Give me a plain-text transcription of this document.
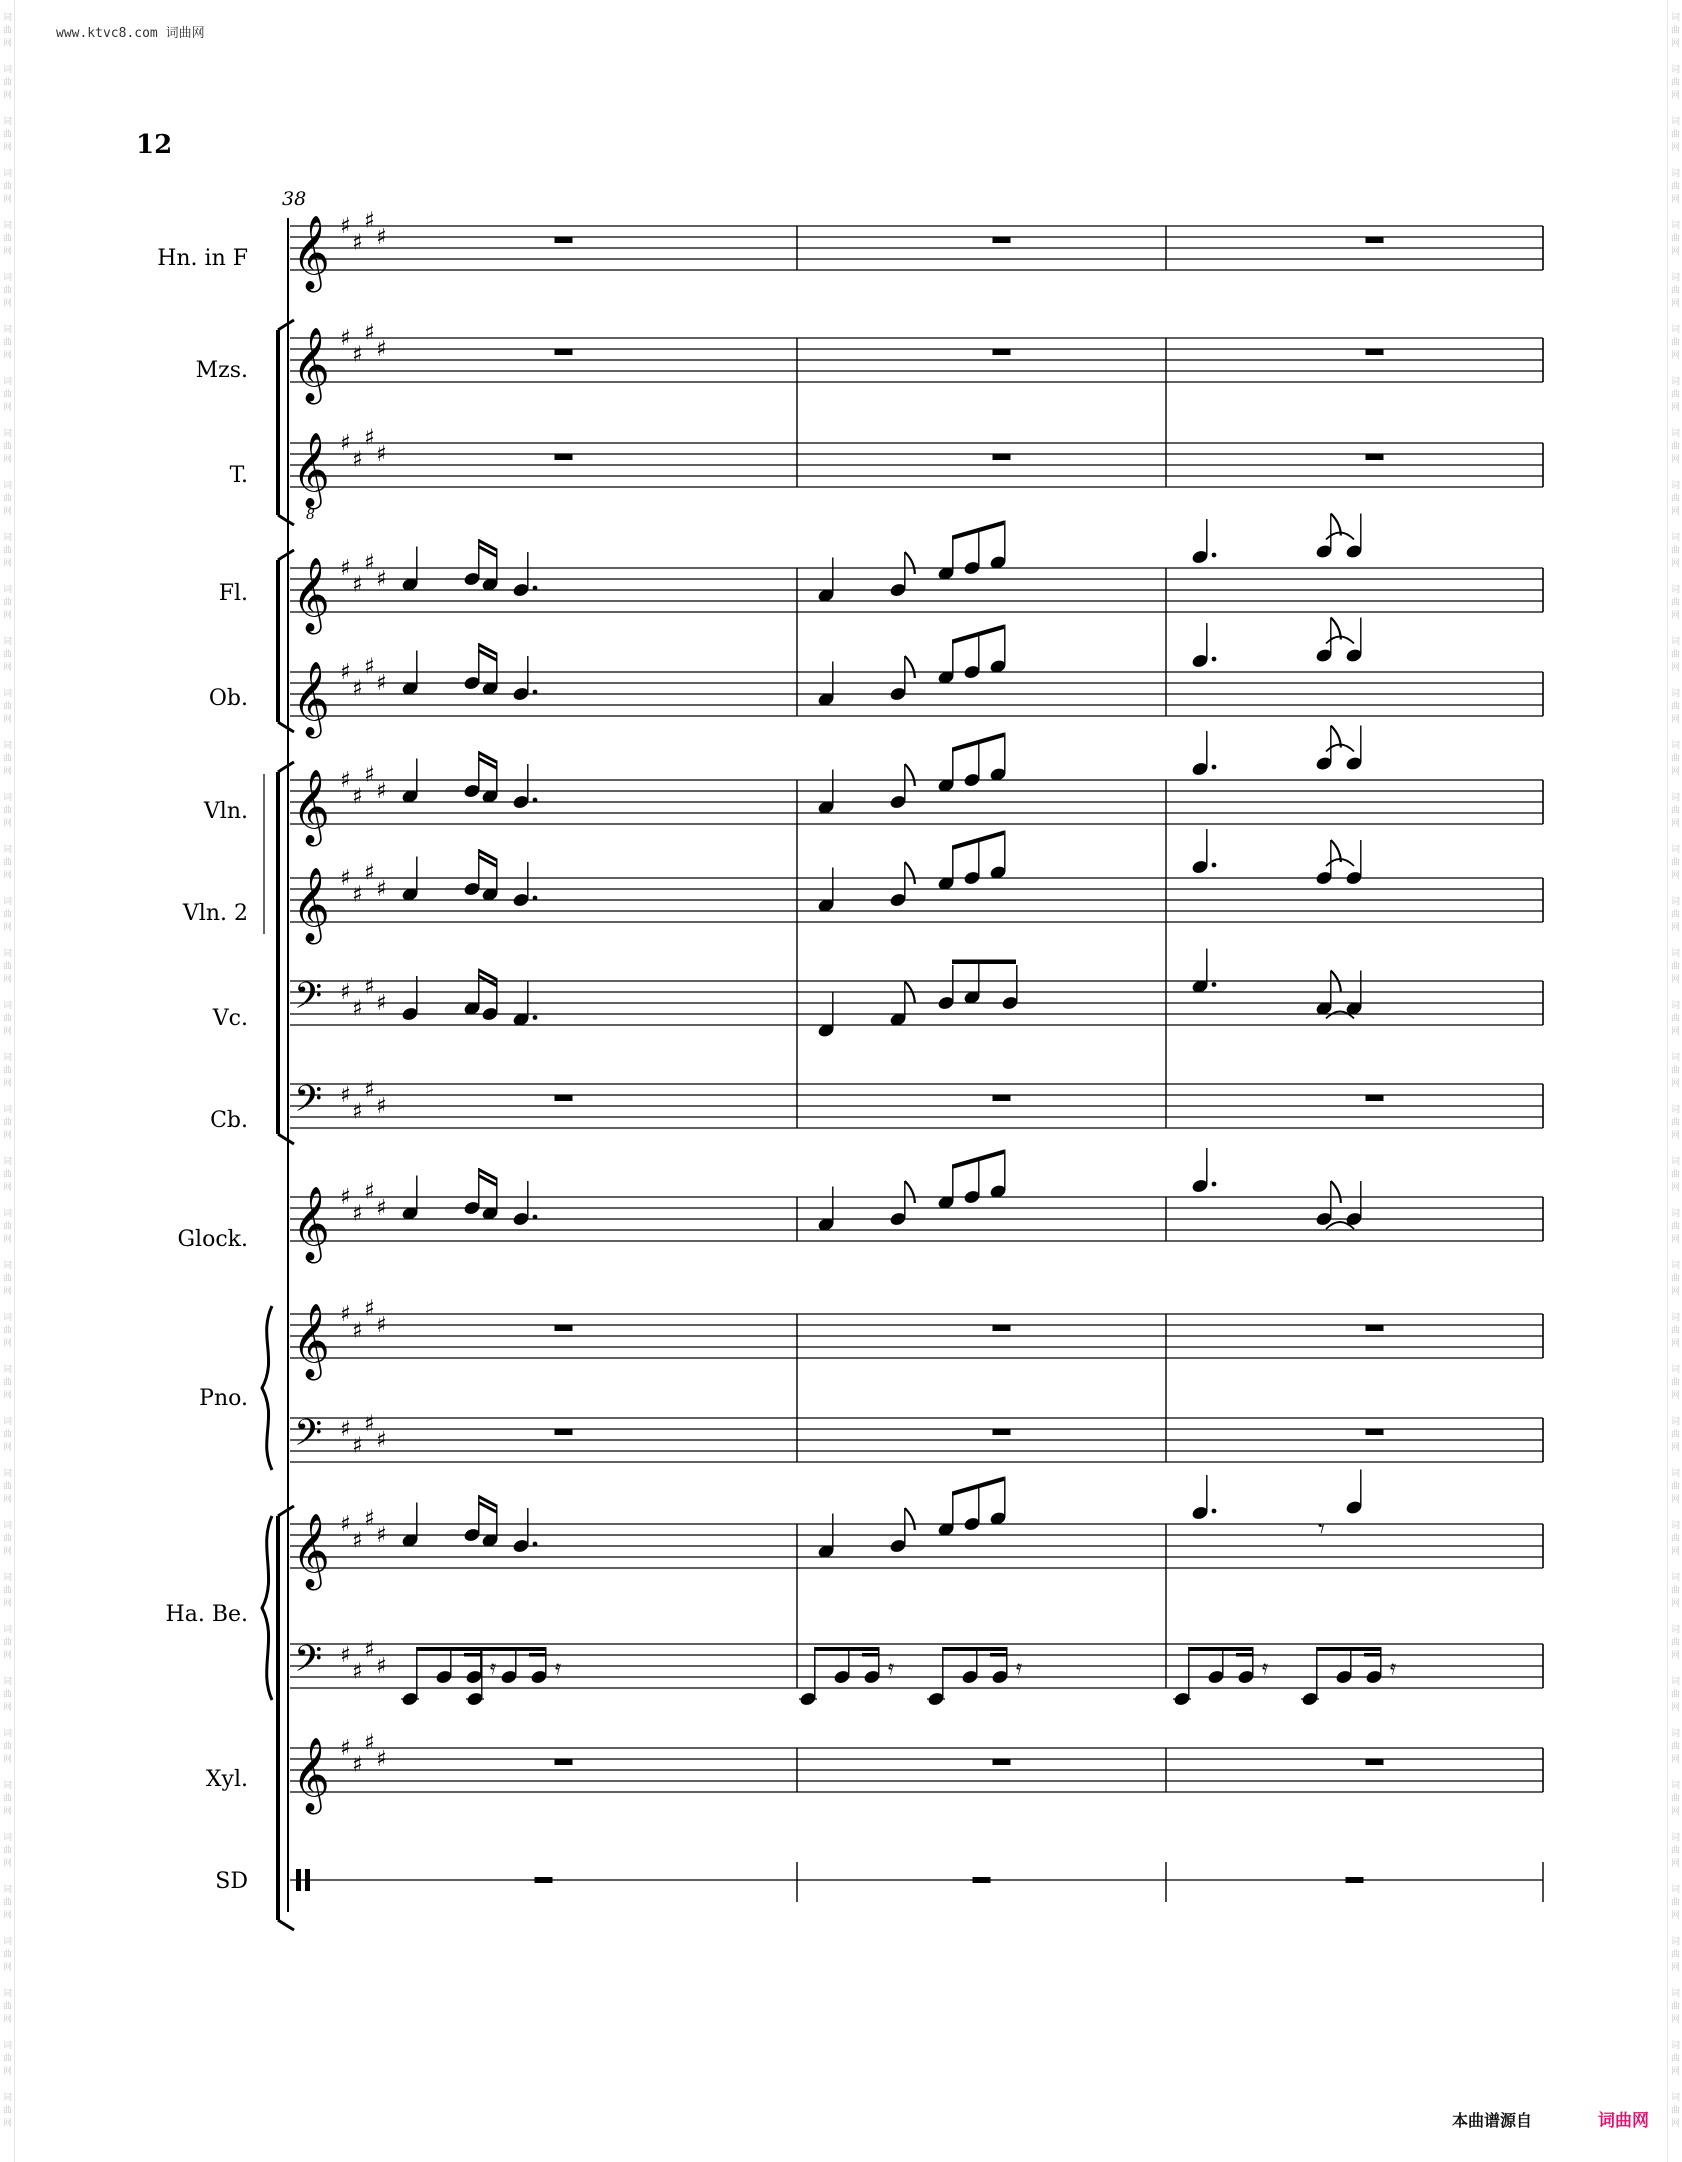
www.ktvc8.com 词曲网
12
38
𝄞 ♯
♯
♯
♯
𝄞 ♯
♯
♯
♯
𝄞
8
♯
♯
♯
♯
𝄞 ♯
♯
♯
♯
𝄞 ♯
♯
♯
♯
𝄞 ♯
♯
♯
♯
𝄞 ♯
♯
♯
♯
𝄢 ♯
♯
♯
♯
𝄢 ♯
♯
♯
♯
𝄞 ♯
♯
♯
♯
𝄞 ♯
♯
♯
♯
𝄢 ♯
♯
♯
♯
𝄞 ♯
♯
♯
♯
𝄢 ♯
♯
♯
♯
𝄞 ♯
♯
♯
♯
Hn. in F
Mzs.
T.
Fl.
Ob.
Vln.
Vln. 2
Vc.
Cb.
Glock.
Pno.
Ha. Be.
Xyl.
SD
𝄾
𝄿	𝄿	𝄿	𝄿	𝄿	𝄿
词	词
曲	曲
网	网
词	词
曲	曲
网	网
词	词
曲	曲
网	网
词	词
曲	曲
网	网
词	词
曲	曲
网	网
词	词
曲	曲
网	网
词	词
曲	曲
网	网
词	词
曲	曲
网	网
词	词
曲	曲
网	网
词	词
曲	曲
网	网
词	词
曲	曲
网	网
词	词
曲	曲
网	网
词	词
曲	曲
网	网
词	词
曲	曲
网	网
词	词
曲	曲
网	网
词	词
曲	曲
网	网
词	词
曲	曲
网	网
词	词
曲	曲
网	网
词	词
曲	曲
网	网
词	词
曲	曲
网	网
词	词
曲	曲
网	网
词	词
曲	曲
网	网
词	词
曲	曲
网	网
词	词
曲	曲
网	网
词	词
曲	曲
网	网
词	词
曲	曲
网	网
词	词
曲	曲
网	网
词	词
曲	曲
网	网
词	词
曲	曲
网	网
词	词
曲	曲
网	网
词	词
曲	曲
网	网
词	词
曲	曲
网	网
词	词
曲	曲
网	网
词	词
曲	曲
网	网
词	词
曲	曲
网	网
词	词
曲	曲
网	网
词	词
曲	曲
网	网
词	词
曲	曲
网	网
词	词
曲	曲
网	网
词	词
曲	曲
网	网
词	词
曲	曲
网	网
本曲谱源自	词曲网
